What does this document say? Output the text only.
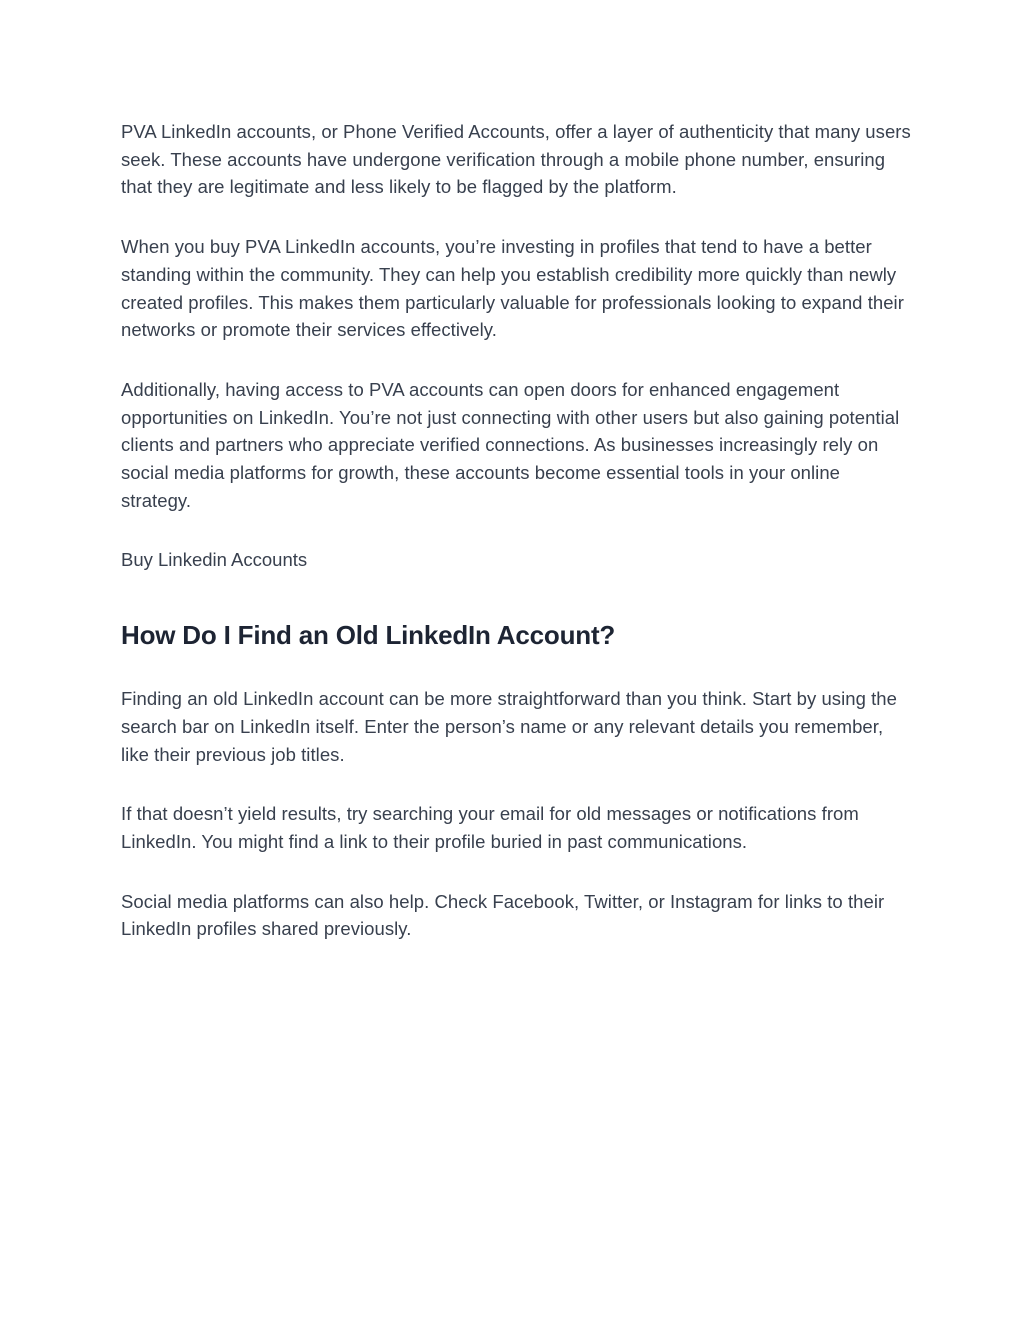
PVA LinkedIn accounts, or Phone Verified Accounts, offer a layer of authenticity that many users seek. These accounts have undergone verification through a mobile phone number, ensuring that they are legitimate and less likely to be flagged by the platform.

When you buy PVA LinkedIn accounts, you’re investing in profiles that tend to have a better standing within the community. They can help you establish credibility more quickly than newly created profiles. This makes them particularly valuable for professionals looking to expand their networks or promote their services effectively.

Additionally, having access to PVA accounts can open doors for enhanced engagement opportunities on LinkedIn. You’re not just connecting with other users but also gaining potential clients and partners who appreciate verified connections. As businesses increasingly rely on social media platforms for growth, these accounts become essential tools in your online strategy.

Buy Linkedin Accounts

How Do I Find an Old LinkedIn Account?

Finding an old LinkedIn account can be more straightforward than you think. Start by using the search bar on LinkedIn itself. Enter the person’s name or any relevant details you remember, like their previous job titles.

If that doesn’t yield results, try searching your email for old messages or notifications from LinkedIn. You might find a link to their profile buried in past communications.

Social media platforms can also help. Check Facebook, Twitter, or Instagram for links to their LinkedIn profiles shared previously.
